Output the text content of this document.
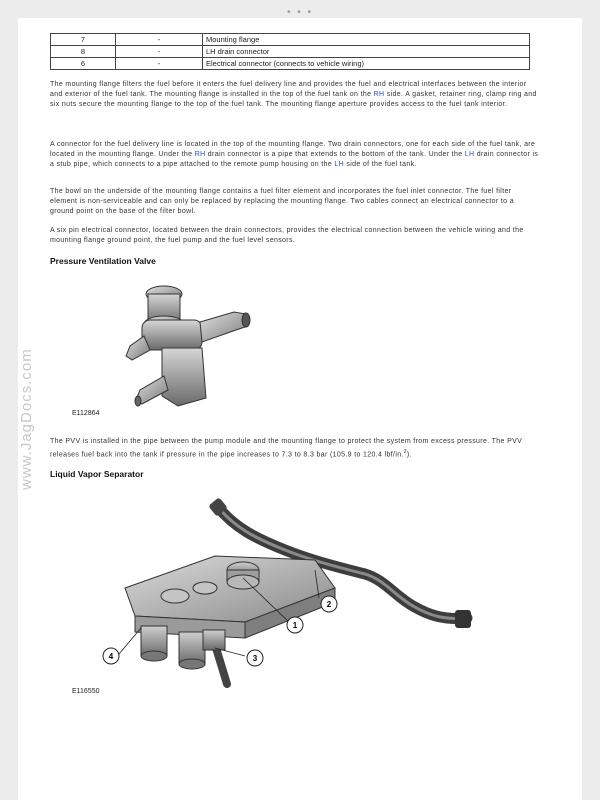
• • •
www.JagDocs.com
7	-	Mounting flange
8	-	LH drain connector
6	-	Electrical connector (connects to vehicle wiring)

The mounting flange filters the fuel before it enters the fuel delivery line and provides the fuel and electrical interfaces between the interior and exterior of the fuel tank. The mounting flange is installed in the top of the fuel tank on the RH side. A gasket, retainer ring, clamp ring and six nuts secure the mounting flange to the top of the fuel tank. The mounting flange aperture provides access to the fuel tank interior.

A connector for the fuel delivery line is located in the top of the mounting flange. Two drain connectors, one for each side of the fuel tank, are located in the mounting flange. Under the RH drain connector is a pipe that extends to the bottom of the tank. Under the LH drain connector is a stub pipe, which connects to a pipe attached to the remote pump housing on the LH side of the fuel tank.

The bowl on the underside of the mounting flange contains a fuel filter element and incorporates the fuel inlet connector. The fuel filter element is non-serviceable and can only be replaced by replacing the mounting flange. Two cables connect an electrical connector to a ground point on the base of the filter bowl.

A six pin electrical connector, located between the drain connectors, provides the electrical connection between the vehicle wiring and the mounting flange ground point, the fuel pump and the fuel level sensors.

Pressure Ventilation Valve
E112864

The PVV is installed in the pipe between the pump module and the mounting flange to protect the system from excess pressure. The PVV releases fuel back into the tank if pressure in the pipe increases to 7.3 to 8.3 bar (105.9 to 120.4 lbf/in.$^2$).

Liquid Vapor Separator
1
2
3
4
E116550
